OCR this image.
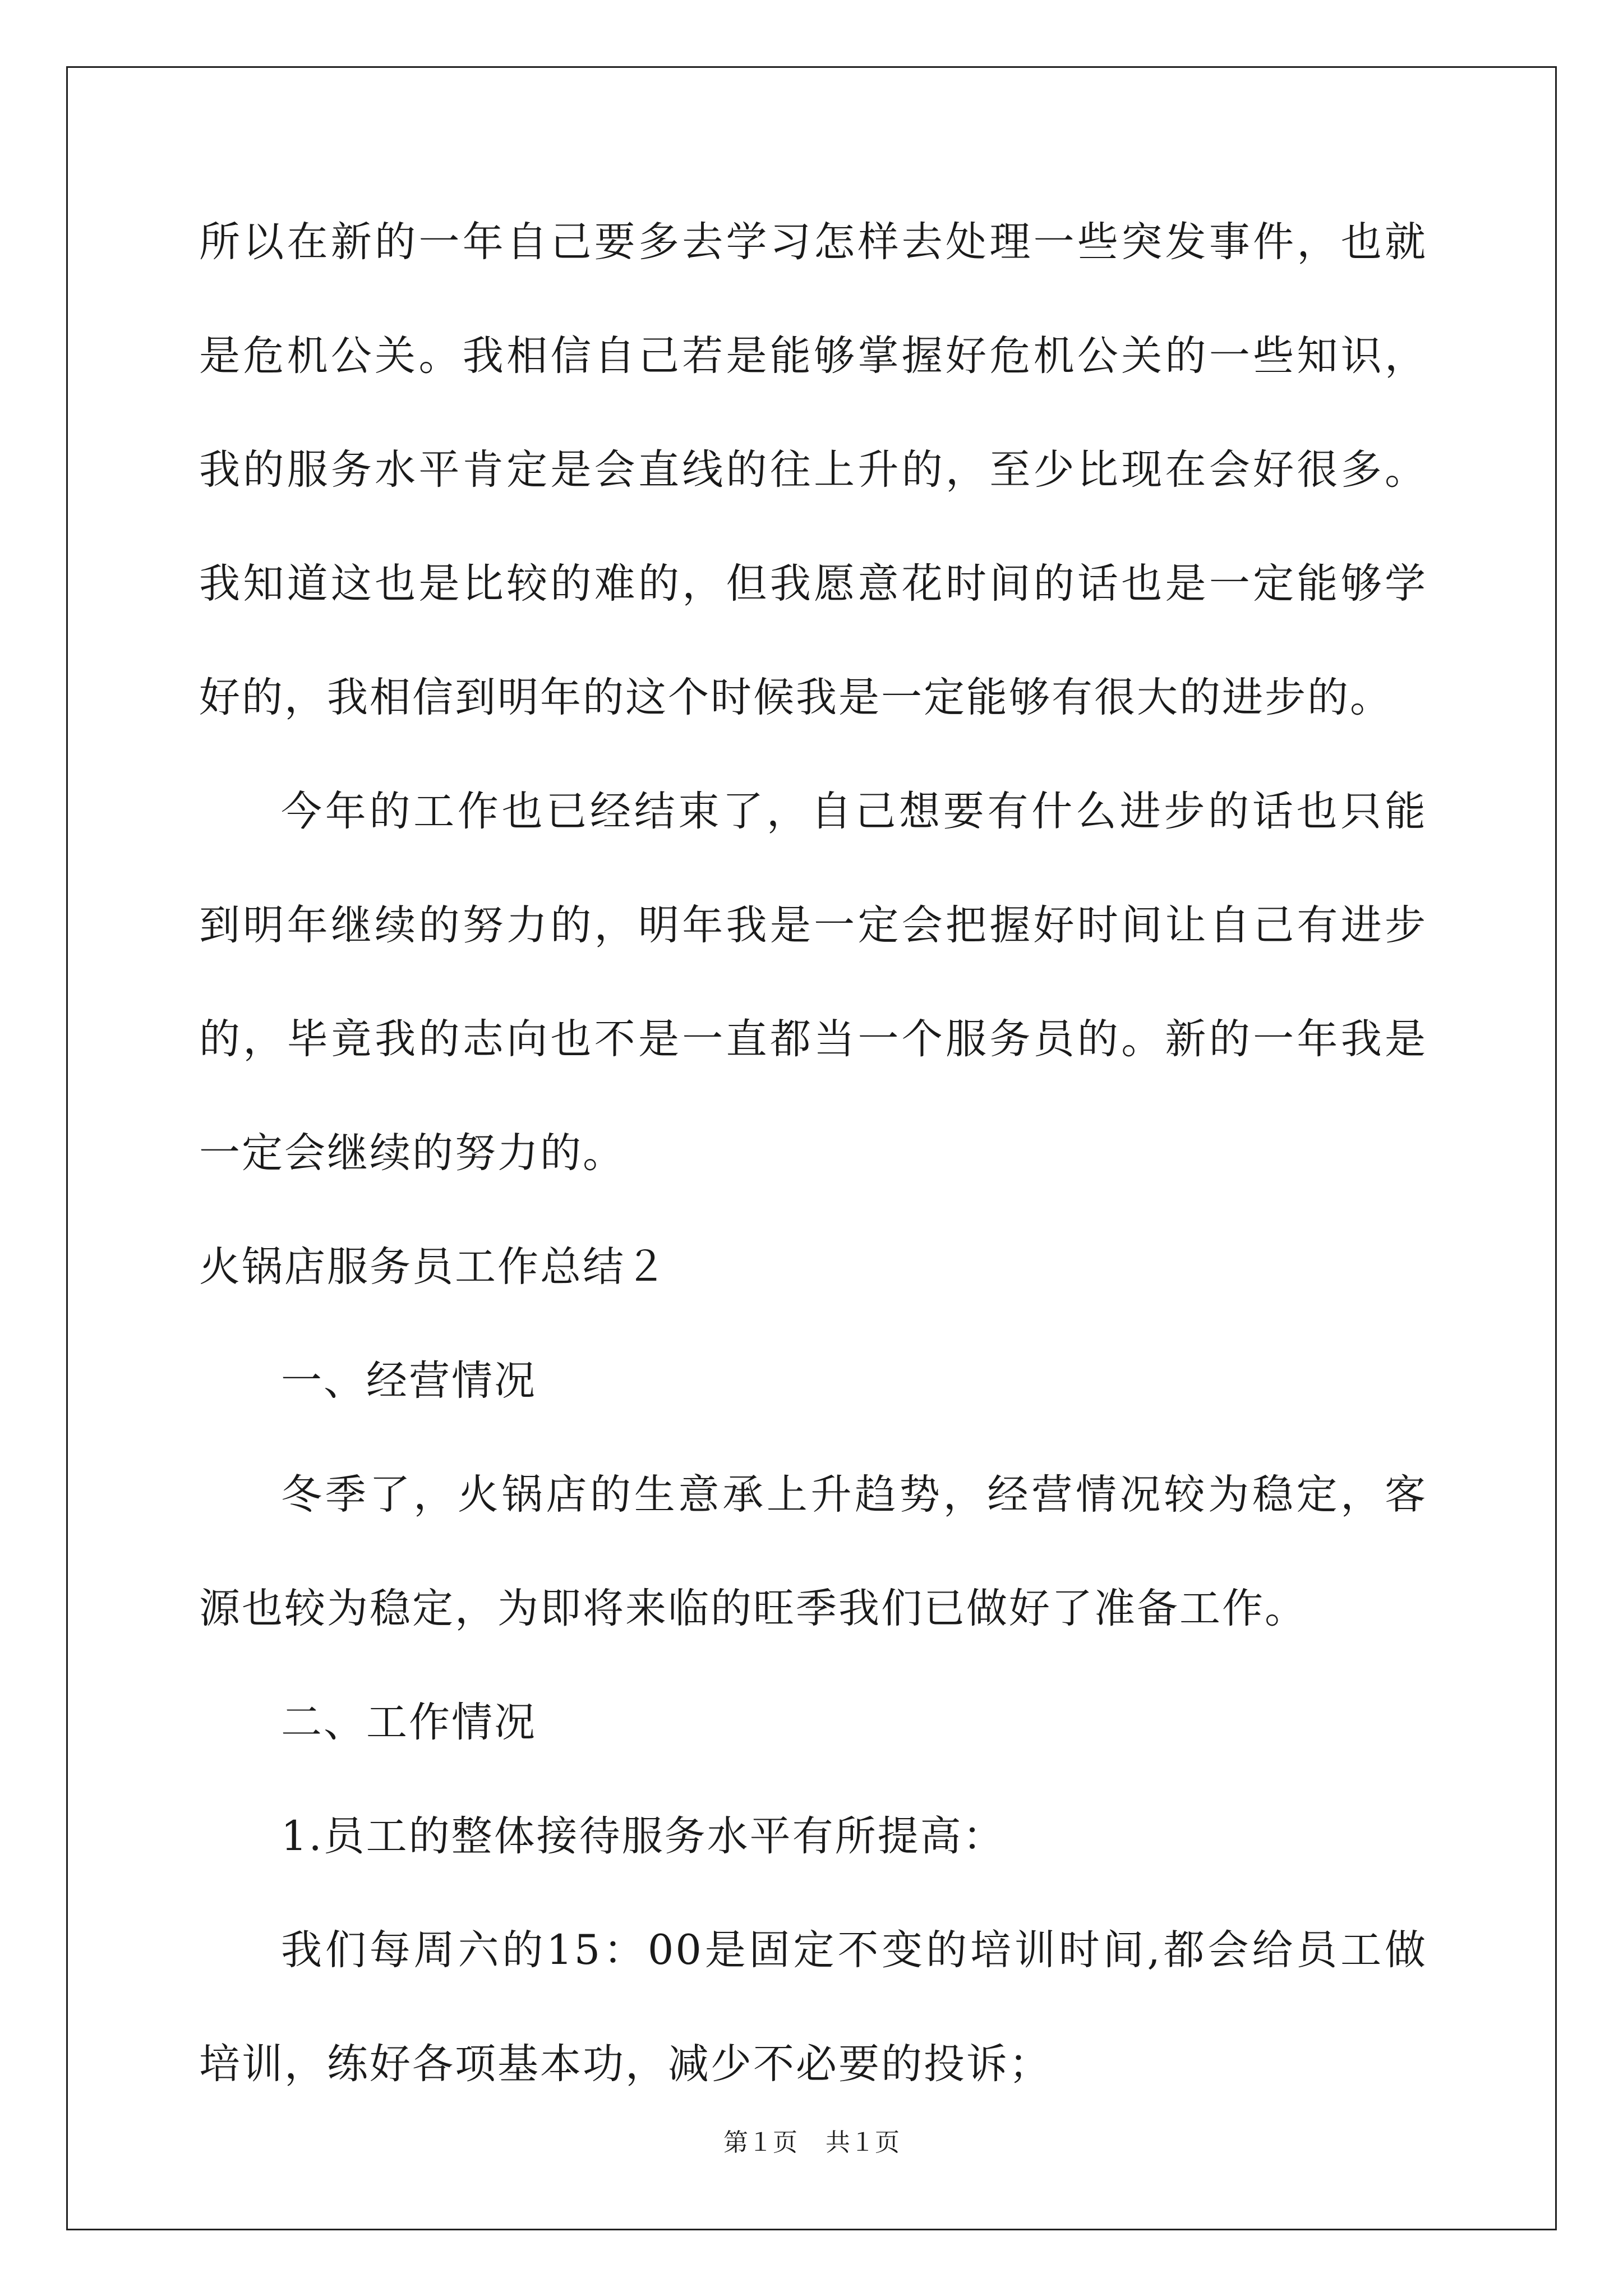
所以在新的一年自己要多去学习怎样去处理一些突发事件，也就是危机公关。我相信自己若是能够掌握好危机公关的一些知识，我的服务水平肯定是会直线的往上升的，至少比现在会好很多。我知道这也是比较的难的，但我愿意花时间的话也是一定能够学好的，我相信到明年的这个时候我是一定能够有很大的进步的。

今年的工作也已经结束了，自己想要有什么进步的话也只能到明年继续的努力的，明年我是一定会把握好时间让自己有进步的，毕竟我的志向也不是一直都当一个服务员的。新的一年我是一定会继续的努力的。

火锅店服务员工作总结２

一、经营情况

冬季了，火锅店的生意承上升趋势，经营情况较为稳定，客源也较为稳定，为即将来临的旺季我们已做好了准备工作。

二、工作情况

1.员工的整体接待服务水平有所提高：

我们每周六的15：00是固定不变的培训时间,都会给员工做培训，练好各项基本功，减少不必要的投诉；

第１页 共１页
